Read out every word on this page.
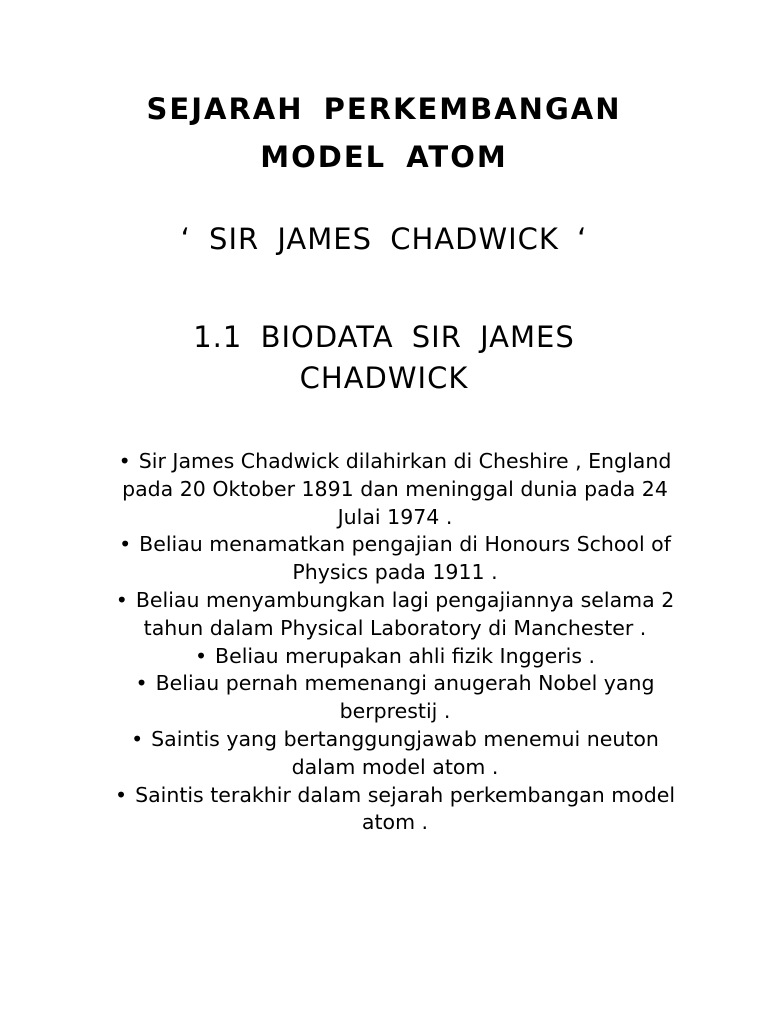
SEJARAH PERKEMBANGAN
MODEL ATOM
‘ SIR JAMES CHADWICK ‘
1.1 BIODATA SIR JAMES
CHADWICK
• Sir James Chadwick dilahirkan di Cheshire , England pada 20 Oktober 1891 dan meninggal dunia pada 24 Julai 1974 .
• Beliau menamatkan pengajian di Honours School of Physics pada 1911 .
• Beliau menyambungkan lagi pengajiannya selama 2 tahun dalam Physical Laboratory di Manchester .
• Beliau merupakan ahli fizik Inggeris .
• Beliau pernah memenangi anugerah Nobel yang berprestij .
• Saintis yang bertanggungjawab menemui neuton dalam model atom .
• Saintis terakhir dalam sejarah perkembangan model atom .
